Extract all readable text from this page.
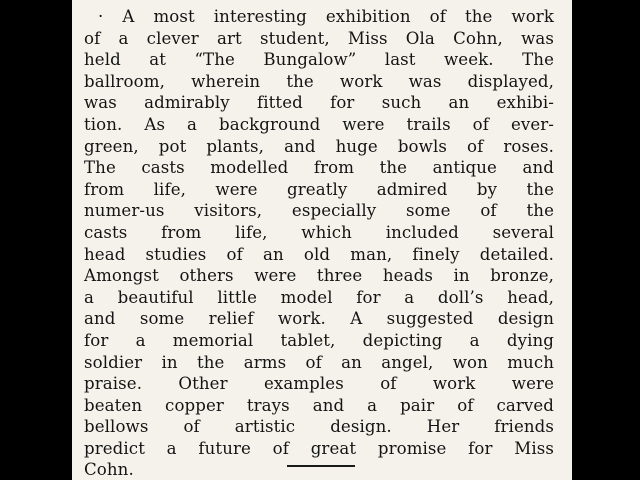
· A most interesting exhibition of the work
of a clever art student, Miss Ola Cohn, was
held at “The Bungalow” last week. The
ballroom, wherein the work was displayed,
was admirably fitted for such an exhibi-
tion. As a background were trails of ever-
green, pot plants, and huge bowls of roses.
The casts modelled from the antique and
from life, were greatly admired by the
numer-us visitors, especially some of the
casts from life, which included several
head studies of an old man, finely detailed.
Amongst others were three heads in bronze,
a beautiful little model for a doll’s head,
and some relief work. A suggested design
for a memorial tablet, depicting a dying
soldier in the arms of an angel, won much
praise. Other examples of work were
beaten copper trays and a pair of carved
bellows of artistic design. Her friends
predict a future of great promise for Miss
Cohn.
